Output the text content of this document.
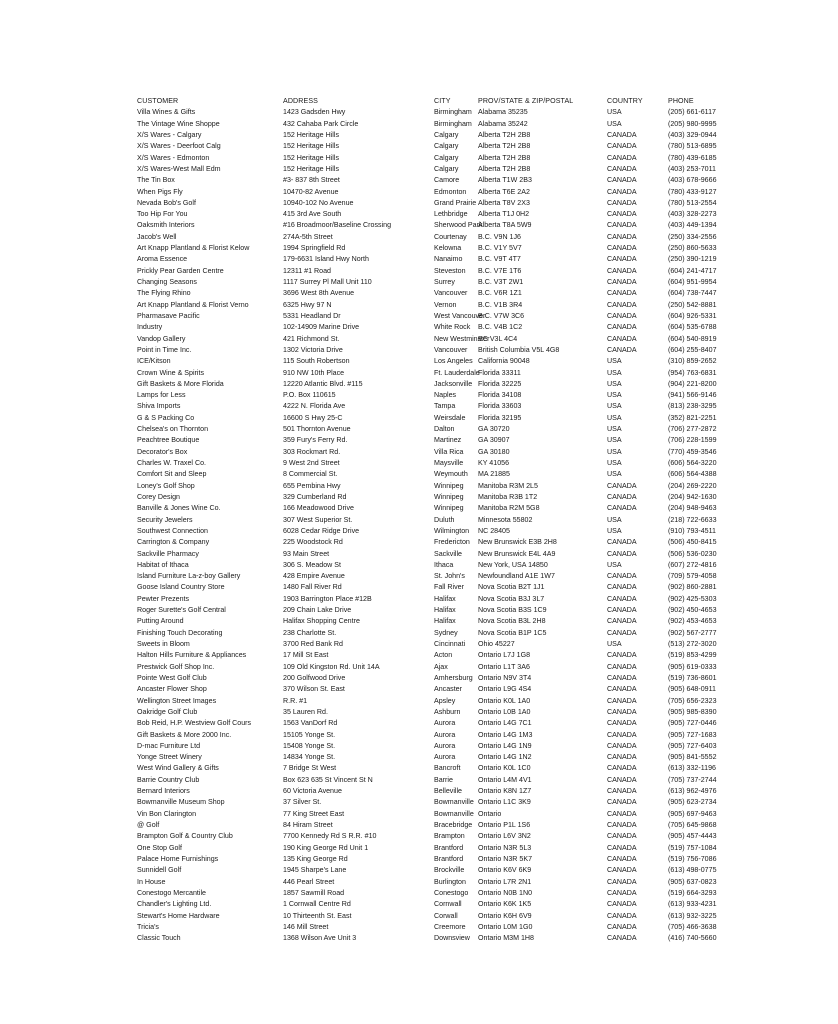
CUSTOMER	ADDRESS	CITY	PROV/STATE & ZIP/POSTAL	COUNTRY	PHONE
Villa Wines & Gifts	1423 Gadsden Hwy	Birmingham	Alabama 35235	USA	(205) 661-6117
The Vintage Wine Shoppe	432 Cahaba Park Circle	Birmingham	Alabama 35242	USA	(205) 980-9995
X/S Wares - Calgary	152 Heritage Hills	Calgary	Alberta T2H 2B8	CANADA	(403) 329-0944
X/S Wares - Deerfoot Calg	152 Heritage Hills	Calgary	Alberta T2H 2B8	CANADA	(780) 513-6895
X/S Wares - Edmonton	152 Heritage Hills	Calgary	Alberta T2H 2B8	CANADA	(780) 439-6185
X/S Wares-West Mall Edm	152 Heritage Hills	Calgary	Alberta T2H 2B8	CANADA	(403) 253-7011
The Tin Box	#3- 837 8th Street	Camore	Alberta T1W 2B3	CANADA	(403) 678-9666
When Pigs Fly	10470-82 Avenue	Edmonton	Alberta T6E 2A2	CANADA	(780) 433-9127
Nevada Bob's Golf	10940-102 No Avenue	Grand Prairie	Alberta T8V 2X3	CANADA	(780) 513-2554
Too Hip For You	415 3rd Ave South	Lethbridge	Alberta T1J 0H2	CANADA	(403) 328-2273
Oaksmith Interiors	#16 Broadmoor/Baseline Crossing	Sherwood Park	Alberta T8A 5W9	CANADA	(403) 449-1394
Jacob's Well	274A-5th Street	Courtenay	B.C. V9N 1J6	CANADA	(250) 334-2556
Art Knapp Plantland & Florist Kelow	1994 Springfield Rd	Kelowna	B.C. V1Y 5V7	CANADA	(250) 860-5633
Aroma Essence	179-6631 Island Hwy North	Nanaimo	B.C. V9T 4T7	CANADA	(250) 390-1219
Prickly Pear Garden Centre	12311 #1 Road	Steveston	B.C. V7E 1T6	CANADA	(604) 241-4717
Changing Seasons	1117 Surrey Pl Mall Unit 110	Surrey	B.C. V3T 2W1	CANADA	(604) 951-9954
The Flying Rhino	3696 West 8th Avenue	Vancouver	B.C. V6R 1Z1	CANADA	(604) 738-7447
Art Knapp Plantland & Florist Verno	6325 Hwy 97 N	Vernon	B.C. V1B 3R4	CANADA	(250) 542-8881
Pharmasave Pacific	5331 Headland Dr	West Vancouver	B.C. V7W 3C6	CANADA	(604) 926-5331
Industry	102-14909 Marine Drive	White Rock	B.C. V4B 1C2	CANADA	(604) 535-6788
Vandop Gallery	421 Richmond St.	New Westminster	BC V3L 4C4	CANADA	(604) 540-8919
Point in Time Inc.	1302 Victoria Drive	Vancouver	British Columbia V5L 4G8	CANADA	(604) 255-8407
ICE/Kitson	115 South Robertson	Los Angeles	California 90048	USA	(310) 859-2652
Crown Wine & Spirits	910 NW 10th Place	Ft. Lauderdale	Florida 33311	USA	(954) 763-6831
Gift Baskets & More Florida	12220 Atlantic Blvd. #115	Jacksonville	Florida 32225	USA	(904) 221-8200
Lamps for Less	P.O. Box 110615	Naples	Florida 34108	USA	(941) 566-9146
Shiva Imports	4222 N. Florida Ave	Tampa	Florida 33603	USA	(813) 238-3295
G & S Packing Co	16600 S Hwy 25-C	Weirsdale	Florida 32195	USA	(352) 821-2251
Chelsea's on Thornton	501 Thornton Avenue	Dalton	GA 30720	USA	(706) 277-2872
Peachtree Boutique	359 Fury's Ferry Rd.	Martinez	GA 30907	USA	(706) 228-1599
Decorator's Box	303 Rockmart Rd.	Villa Rica	GA 30180	USA	(770) 459-3546
Charles W. Traxel Co.	9 West 2nd Street	Maysville	KY 41056	USA	(606) 564-3220
Comfort Sit and Sleep	8 Commercial St.	Weymouth	MA 21885	USA	(606) 564-4388
Loney's Golf Shop	655 Pembina Hwy	Winnipeg	Manitoba R3M 2L5	CANADA	(204) 269-2220
Corey Design	329 Cumberland Rd	Winnipeg	Manitoba R3B 1T2	CANADA	(204) 942-1630
Banville & Jones Wine Co.	166 Meadowood Drive	Winnipeg	Manitoba R2M 5G8	CANADA	(204) 948-9463
Security Jewelers	307 West Superior St.	Duluth	Minnesota 55802	USA	(218) 722-6633
Southwest Connection	6028 Cedar Ridge Drive	Wilmington	NC 28405	USA	(910) 793-4511
Carrington & Company	225 Woodstock Rd	Fredericton	New Brunswick E3B 2H8	CANADA	(506) 450-8415
Sackville Pharmacy	93 Main Street	Sackville	New Brunswick E4L 4A9	CANADA	(506) 536-0230
Habitat of Ithaca	306 S. Meadow St	Ithaca	New York, USA 14850	USA	(607) 272-4816
Island Furniture La-z-boy Gallery	428 Empire Avenue	St. John's	Newfoundland A1E 1W7	CANADA	(709) 579-4058
Goose Island Country Store	1480 Fall River Rd	Fall River	Nova Scotia B2T 1J1	CANADA	(902) 860-2881
Pewter Prezents	1903 Barrington Place #12B	Halifax	Nova Scotia B3J 3L7	CANADA	(902) 425-5303
Roger Surette's Golf Central	209 Chain Lake Drive	Halifax	Nova Scotia B3S 1C9	CANADA	(902) 450-4653
Putting Around	Halifax Shopping Centre	Halifax	Nova Scotia B3L 2H8	CANADA	(902) 453-4653
Finishing Touch Decorating	238 Charlotte St.	Sydney	Nova Scotia B1P 1C5	CANADA	(902) 567-2777
Sweets in Bloom	3700 Red Bank Rd	Cincinnati	Ohio 45227	USA	(513) 272-3020
Halton Hills Furniture & Appliances	17 Mill St East	Acton	Ontario L7J 1G8	CANADA	(519) 853-4299
Prestwick Golf Shop Inc.	109 Old Kingston Rd. Unit 14A	Ajax	Ontario L1T 3A6	CANADA	(905) 619-0333
Pointe West Golf Club	200 Golfwood Drive	Amhersburg	Ontario N9V 3T4	CANADA	(519) 736-8601
Ancaster Flower Shop	370 Wilson St. East	Ancaster	Ontario L9G 4S4	CANADA	(905) 648-0911
Wellington Street Images	R.R. #1	Apsley	Ontario K0L 1A0	CANADA	(705) 656-2323
Oakridge Golf Club	35 Lauren Rd.	Ashburn	Ontario L0B 1A0	CANADA	(905) 985-8390
Bob Reid, H.P. Westview Golf Cours	1563 VanDorf Rd	Aurora	Ontario L4G 7C1	CANADA	(905) 727-0446
Gift Baskets & More 2000 Inc.	15105 Yonge St.	Aurora	Ontario L4G 1M3	CANADA	(905) 727-1683
D-mac Furniture Ltd	15408 Yonge St.	Aurora	Ontario L4G 1N9	CANADA	(905) 727-6403
Yonge Street Winery	14834 Yonge St.	Aurora	Ontario L4G 1N2	CANADA	(905) 841-5552
West Wind Gallery & Gifts	7 Bridge St West	Bancroft	Ontario K0L 1C0	CANADA	(613) 332-1196
Barrie Country Club	Box 623 635 St Vincent St N	Barrie	Ontario L4M 4V1	CANADA	(705) 737-2744
Bernard Interiors	60 Victoria Avenue	Belleville	Ontario K8N 1Z7	CANADA	(613) 962-4976
Bowmanville Museum Shop	37 Silver St.	Bowmanville	Ontario L1C 3K9	CANADA	(905) 623-2734
Vin Bon Clarington	77 King Street East	Bowmanville	Ontario	CANADA	(905) 697-9463
@ Golf	84 Hiram Street	Bracebridge	Ontario P1L 1S6	CANADA	(705) 645-9868
Brampton Golf & Country Club	7700 Kennedy Rd S R.R. #10	Brampton	Ontario L6V 3N2	CANADA	(905) 457-4443
One Stop Golf	190 King George Rd Unit 1	Brantford	Ontario N3R 5L3	CANADA	(519) 757-1084
Palace Home Furnishings	135 King George Rd	Brantford	Ontario N3R 5K7	CANADA	(519) 756-7086
Sunnidell Golf	1945 Sharpe's Lane	Brockville	Ontario K6V 6K9	CANADA	(613) 498-0775
In House	446 Pearl Street	Burlington	Ontario L7R 2N1	CANADA	(905) 637-0823
Conestogo Mercantile	1857 Sawmill Road	Conestogo	Ontario N0B 1N0	CANADA	(519) 664-3293
Chandler's Lighting Ltd.	1 Cornwall Centre Rd	Cornwall	Ontario K6K 1K5	CANADA	(613) 933-4231
Stewart's Home Hardware	10 Thirteenth St. East	Corwall	Ontario K6H 6V9	CANADA	(613) 932-3225
Tricia's	146 Mill Street	Creemore	Ontario L0M 1G0	CANADA	(705) 466-3638
Classic Touch	1368 Wilson Ave Unit 3	Downsview	Ontario M3M 1H8	CANADA	(416) 740-5660
